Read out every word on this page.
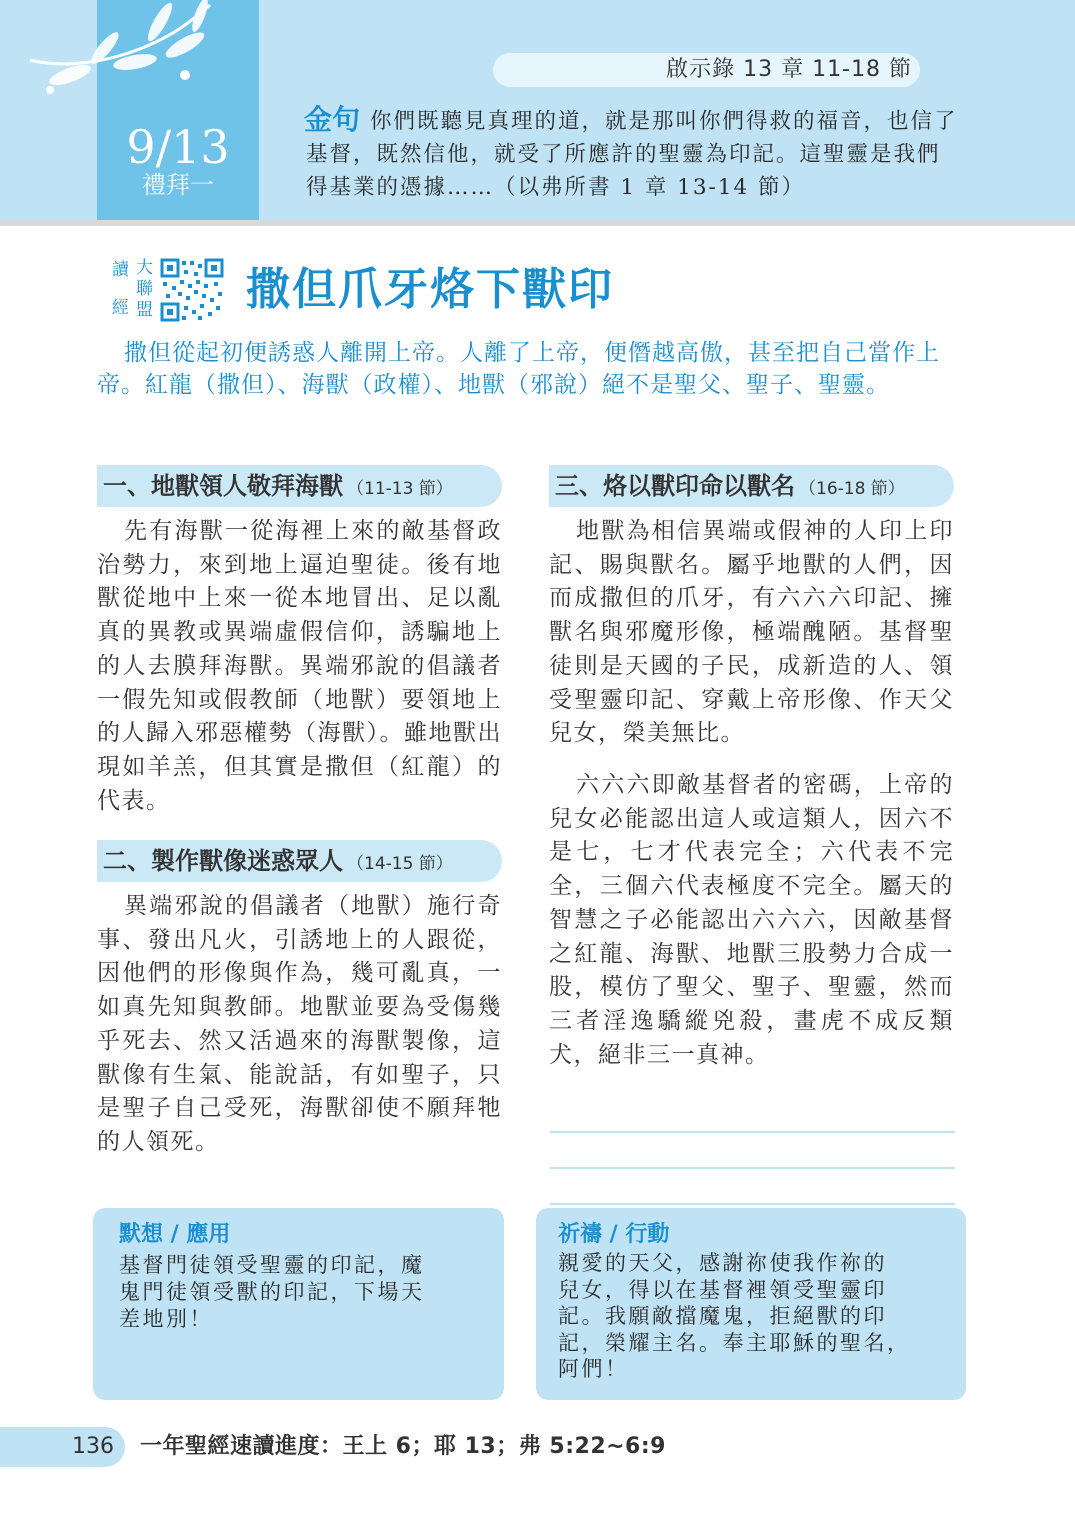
9/13
禮拜一
啟示錄 13 章 11-18 節
金句 你們既聽見真理的道，就是那叫你們得救的福音，也信了基督，既然信他，就受了所應許的聖靈為印記。這聖靈是我們得基業的憑據……（以弗所書 1 章 13-14 節）
讀 大
聯
經 盟 撒但爪牙烙下獸印
撒但從起初便誘惑人離開上帝。人離了上帝，便僭越高傲，甚至把自己當作上帝。紅龍（撒但）、海獸（政權）、地獸（邪說）絕不是聖父、聖子、聖靈。
一、地獸領人敬拜海獸 （11-13 節）
先有海獸一從海裡上來的敵基督政治勢力，來到地上逼迫聖徒。後有地獸從地中上來一從本地冒出、足以亂真的異教或異端虛假信仰，誘騙地上的人去膜拜海獸。異端邪說的倡議者一假先知或假教師（地獸）要領地上的人歸入邪惡權勢（海獸）。雖地獸出現如羊羔，但其實是撒但（紅龍）的代表。
二、製作獸像迷惑眾人 （14-15 節）
異端邪說的倡議者（地獸）施行奇事、發出凡火，引誘地上的人跟從，因他們的形像與作為，幾可亂真，一如真先知與教師。地獸並要為受傷幾乎死去、然又活過來的海獸製像，這獸像有生氣、能說話，有如聖子，只是聖子自己受死，海獸卻使不願拜牠的人領死。
三、烙以獸印命以獸名 （16-18 節）
地獸為相信異端或假神的人印上印記、賜與獸名。屬乎地獸的人們，因而成撒但的爪牙，有六六六印記、擁獸名與邪魔形像，極端醜陋。基督聖徒則是天國的子民，成新造的人、領受聖靈印記、穿戴上帝形像、作天父兒女，榮美無比。
六六六即敵基督者的密碼，上帝的兒女必能認出這人或這類人，因六不是七，七才代表完全；六代表不完全，三個六代表極度不完全。屬天的智慧之子必能認出六六六，因敵基督之紅龍、海獸、地獸三股勢力合成一股，模仿了聖父、聖子、聖靈，然而三者淫逸驕縱兇殺，畫虎不成反類犬，絕非三一真神。
默想 / 應用
基督門徒領受聖靈的印記，魔
鬼門徒領受獸的印記，下場天
差地別！
祈禱 / 行動
親愛的天父，感謝祢使我作祢的
兒女，得以在基督裡領受聖靈印
記。我願敵擋魔鬼，拒絕獸的印
記，榮耀主名。奉主耶穌的聖名，
阿們！
136 一年聖經速讀進度：王上 6；耶 13；弗 5:22~6:9
